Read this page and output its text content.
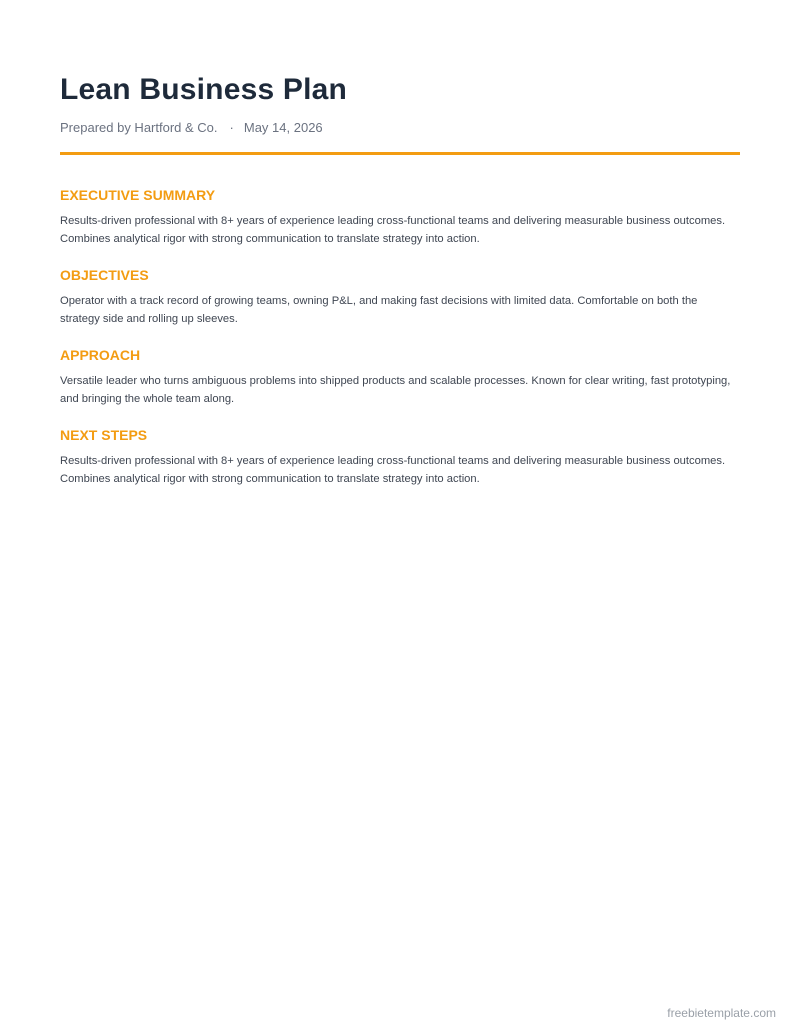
Lean Business Plan
Prepared by Hartford & Co. · May 14, 2026
EXECUTIVE SUMMARY

Results-driven professional with 8+ years of experience leading cross-functional teams and delivering measurable business outcomes. Combines analytical rigor with strong communication to translate strategy into action.

OBJECTIVES

Operator with a track record of growing teams, owning P&L, and making fast decisions with limited data. Comfortable on both the strategy side and rolling up sleeves.

APPROACH

Versatile leader who turns ambiguous problems into shipped products and scalable processes. Known for clear writing, fast prototyping, and bringing the whole team along.

NEXT STEPS

Results-driven professional with 8+ years of experience leading cross-functional teams and delivering measurable business outcomes. Combines analytical rigor with strong communication to translate strategy into action.

freebietemplate.com
